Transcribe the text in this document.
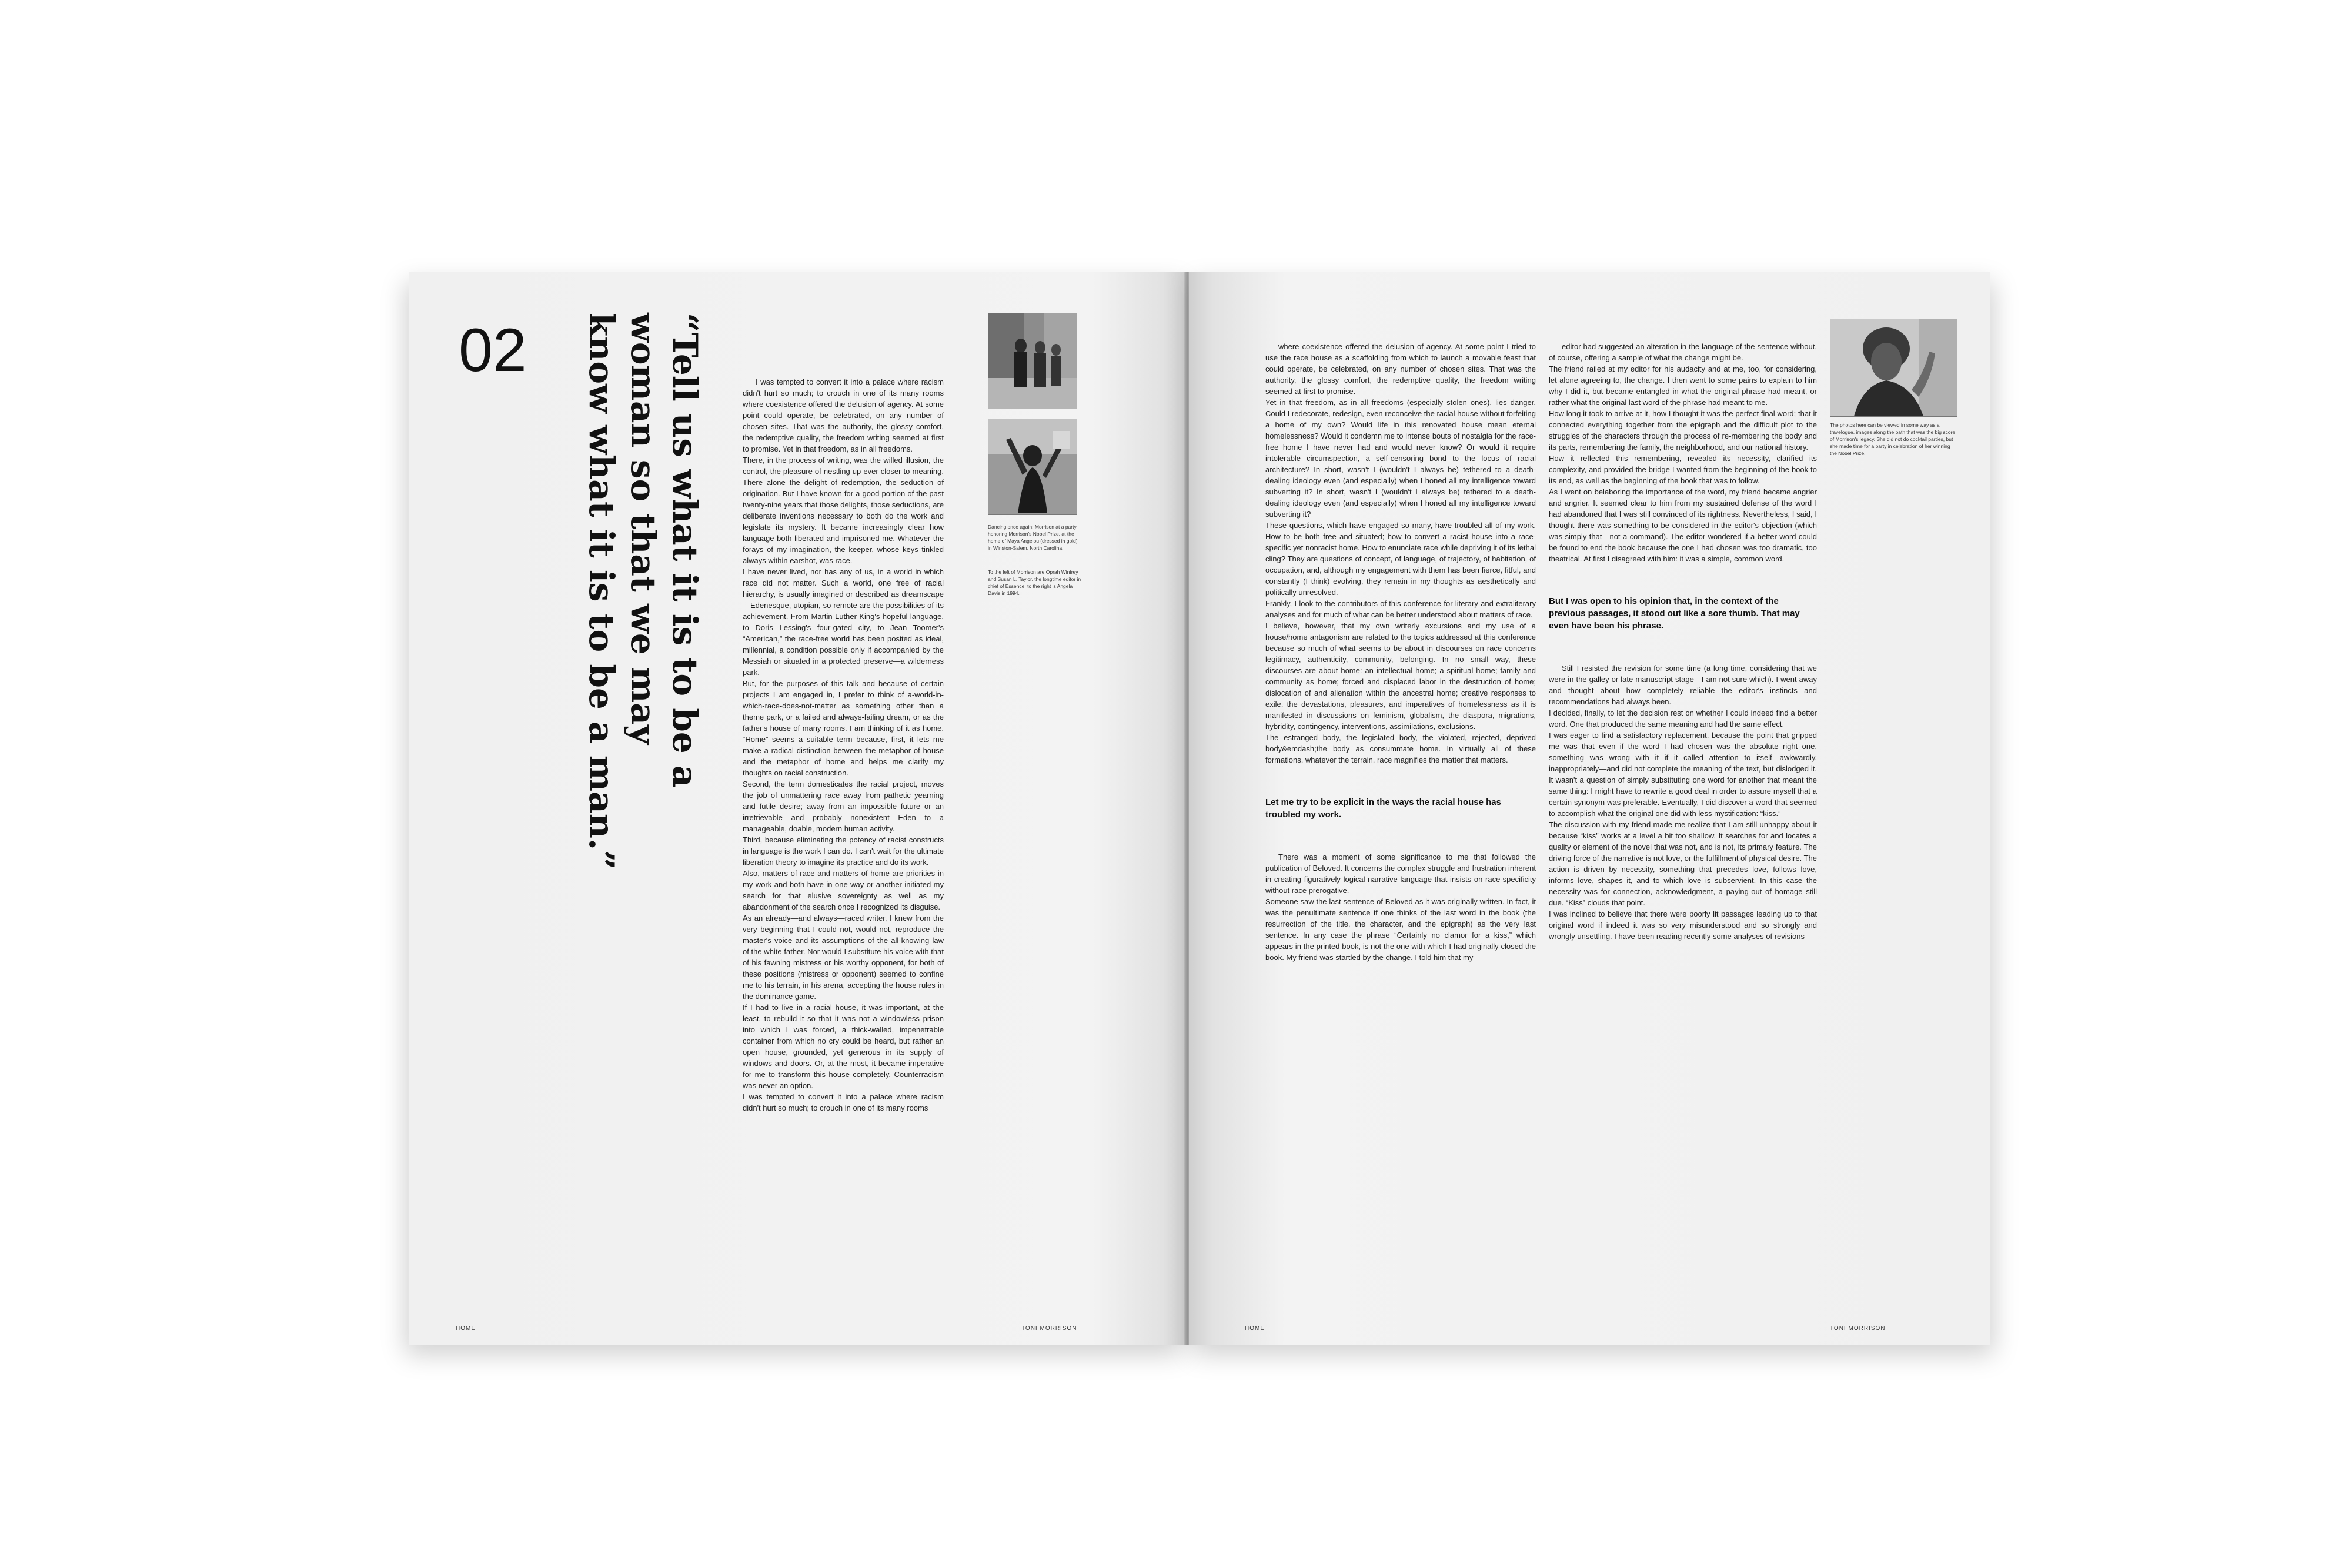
02	“Tell us what it is to be a
woman so that we may
know what it is to be a man.”

	I was tempted to convert it into a palace where racism didn't hurt so much; to crouch in one of its many rooms where coexistence offered the delusion of agency. At some point could operate, be celebrated, on any number of chosen sites. That was the authority, the glossy comfort, the redemptive quality, the freedom writing seemed at first to promise. Yet in that freedom, as in all freedoms.
There, in the process of writing, was the willed illusion, the control, the pleasure of nestling up ever closer to meaning. There alone the delight of redemption, the seduction of origination. But I have known for a good portion of the past twenty-nine years that those delights, those seductions, are deliberate inventions necessary to both do the work and legislate its mystery. It became increasingly clear how language both liberated and imprisoned me. Whatever the forays of my imagination, the keeper, whose keys tinkled always within earshot, was race.
I have never lived, nor has any of us, in a world in which race did not matter. Such a world, one free of racial hierarchy, is usually imagined or described as dreamscape—Edenesque, utopian, so remote are the possibilities of its achievement. From Martin Luther King's hopeful language, to Doris Lessing's four-gated city, to Jean Toomer's “American,” the race-free world has been posited as ideal, millennial, a condition possible only if accompanied by the Messiah or situated in a protected preserve—a wilderness park.
But, for the purposes of this talk and because of certain projects I am engaged in, I prefer to think of a-world-in-which-race-does-not-matter as something other than a theme park, or a failed and always-failing dream, or as the father's house of many rooms. I am thinking of it as home. “Home” seems a suitable term because, first, it lets me make a radical distinction between the metaphor of house and the metaphor of home and helps me clarify my thoughts on racial construction.
Second, the term domesticates the racial project, moves the job of unmattering race away from pathetic yearning and futile desire; away from an impossible future or an irretrievable and probably nonexistent Eden to a manageable, doable, modern human activity.
Third, because eliminating the potency of racist constructs in language is the work I can do. I can't wait for the ultimate liberation theory to imagine its practice and do its work.
Also, matters of race and matters of home are priorities in my work and both have in one way or another initiated my search for that elusive sovereignty as well as my abandonment of the search once I recognized its disguise.
As an already—and always—raced writer, I knew from the very beginning that I could not, would not, reproduce the master's voice and its assumptions of the all-knowing law of the white father. Nor would I substitute his voice with that of his fawning mistress or his worthy opponent, for both of these positions (mistress or opponent) seemed to confine me to his terrain, in his arena, accepting the house rules in the dominance game.
If I had to live in a racial house, it was important, at the least, to rebuild it so that it was not a windowless prison into which I was forced, a thick-walled, impenetrable container from which no cry could be heard, but rather an open house, grounded, yet generous in its supply of windows and doors. Or, at the most, it became imperative for me to transform this house completely. Counterracism was never an option.
I was tempted to convert it into a palace where racism didn't hurt so much; to crouch in one of its many rooms

Dancing once again; Morrison at a party honoring Morrison's Nobel Prize, at the home of Maya Angelou (dressed in gold) in Winston-Salem, North Carolina.
To the left of Morrison are Oprah Winfrey and Susan L. Taylor, the longtime editor in chief of Essence; to the right is Angela Davis in 1994.
HOME	TONI MORRISON

where coexistence offered the delusion of agency. At some point I tried to use the race house as a scaffolding from which to launch a movable feast that could operate, be celebrated, on any number of chosen sites. That was the authority, the glossy comfort, the redemptive quality, the freedom writing seemed at first to promise.
Yet in that freedom, as in all freedoms (especially stolen ones), lies danger. Could I redecorate, redesign, even reconceive the racial house without forfeiting a home of my own? Would life in this renovated house mean eternal homelessness? Would it condemn me to intense bouts of nostalgia for the race-free home I have never had and would never know? Or would it require intolerable circumspection, a self-censoring bond to the locus of racial architecture? In short, wasn't I (wouldn't I always be) tethered to a death-dealing ideology even (and especially) when I honed all my intelligence toward subverting it? In short, wasn't I (wouldn't I always be) tethered to a death-dealing ideology even (and especially) when I honed all my intelligence toward subverting it?
These questions, which have engaged so many, have troubled all of my work. How to be both free and situated; how to convert a racist house into a race-specific yet nonracist home. How to enunciate race while depriving it of its lethal cling? They are questions of concept, of language, of trajectory, of habitation, of occupation, and, although my engagement with them has been fierce, fitful, and constantly (I think) evolving, they remain in my thoughts as aesthetically and politically unresolved.
Frankly, I look to the contributors of this conference for literary and extraliterary analyses and for much of what can be better understood about matters of race.
I believe, however, that my own writerly excursions and my use of a house/home antagonism are related to the topics addressed at this conference because so much of what seems to be about in discourses on race concerns legitimacy, authenticity, community, belonging. In no small way, these discourses are about home: an intellectual home; a spiritual home; family and community as home; forced and displaced labor in the destruction of home; dislocation of and alienation within the ancestral home; creative responses to exile, the devastations, pleasures, and imperatives of homelessness as it is manifested in discussions on feminism, globalism, the diaspora, migrations, hybridity, contingency, interventions, assimilations, exclusions.
The estranged body, the legislated body, the violated, rejected, deprived body&emdash;the body as consummate home. In virtually all of these formations, whatever the terrain, race magnifies the matter that matters.

Let me try to be explicit in the ways the racial house has troubled my work.

There was a moment of some significance to me that followed the publication of Beloved. It concerns the complex struggle and frustration inherent in creating figuratively logical narrative language that insists on race-specificity without race prerogative.
Someone saw the last sentence of Beloved as it was originally written. In fact, it was the penultimate sentence if one thinks of the last word in the book (the resurrection of the title, the character, and the epigraph) as the very last sentence. In any case the phrase “Certainly no clamor for a kiss,” which appears in the printed book, is not the one with which I had originally closed the book. My friend was startled by the change. I told him that my

editor had suggested an alteration in the language of the sentence without, of course, offering a sample of what the change might be.
The friend railed at my editor for his audacity and at me, too, for considering, let alone agreeing to, the change. I then went to some pains to explain to him why I did it, but became entangled in what the original phrase had meant, or rather what the original last word of the phrase had meant to me.
How long it took to arrive at it, how I thought it was the perfect final word; that it connected everything together from the epigraph and the difficult plot to the struggles of the characters through the process of re-membering the body and its parts, remembering the family, the neighborhood, and our national history.
How it reflected this remembering, revealed its necessity, clarified its complexity, and provided the bridge I wanted from the beginning of the book to its end, as well as the beginning of the book that was to follow.
As I went on belaboring the importance of the word, my friend became angrier and angrier. It seemed clear to him from my sustained defense of the word I had abandoned that I was still convinced of its rightness. Nevertheless, I said, I thought there was something to be considered in the editor's objection (which was simply that—not a command). The editor wondered if a better word could be found to end the book because the one I had chosen was too dramatic, too theatrical. At first I disagreed with him: it was a simple, common word.

But I was open to his opinion that, in the context of the previous passages, it stood out like a sore thumb. That may even have been his phrase.

Still I resisted the revision for some time (a long time, considering that we were in the galley or late manuscript stage—I am not sure which). I went away and thought about how completely reliable the editor's instincts and recommendations had always been.
I decided, finally, to let the decision rest on whether I could indeed find a better word. One that produced the same meaning and had the same effect.
I was eager to find a satisfactory replacement, because the point that gripped me was that even if the word I had chosen was the absolute right one, something was wrong with it if it called attention to itself—awkwardly, inappropriately—and did not complete the meaning of the text, but dislodged it. It wasn't a question of simply substituting one word for another that meant the same thing: I might have to rewrite a good deal in order to assure myself that a certain synonym was preferable. Eventually, I did discover a word that seemed to accomplish what the original one did with less mystification: “kiss.”
The discussion with my friend made me realize that I am still unhappy about it because “kiss” works at a level a bit too shallow. It searches for and locates a quality or element of the novel that was not, and is not, its primary feature. The driving force of the narrative is not love, or the fulfillment of physical desire. The action is driven by necessity, something that precedes love, follows love, informs love, shapes it, and to which love is subservient. In this case the necessity was for connection, acknowledgment, a paying-out of homage still due. “Kiss” clouds that point.
I was inclined to believe that there were poorly lit passages leading up to that original word if indeed it was so very misunderstood and so strongly and wrongly unsettling. I have been reading recently some analyses of revisions

The photos here can be viewed in some way as a travelogue, images along the path that was the big score of Morrison's legacy. She did not do cocktail parties, but she made time for a party in celebration of her winning the Nobel Prize.
HOME	TONI MORRISON
